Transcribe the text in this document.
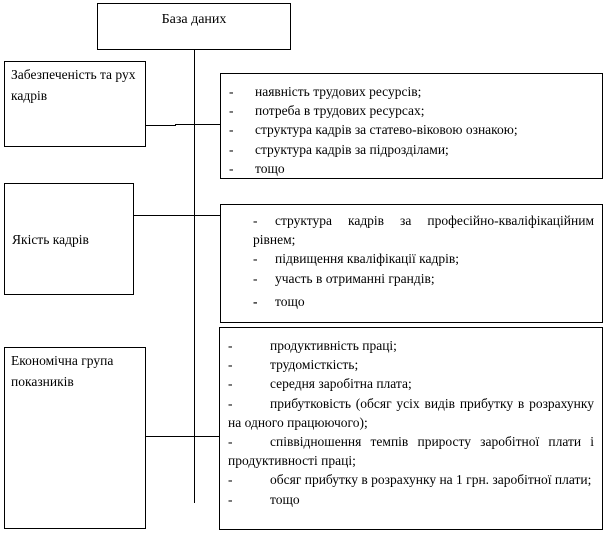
База даних
Забезпеченість та рух кадрів	-	наявність трудових ресурсів;
-	потреба в трудових ресурсах;
-	структура кадрів за статево-віковою ознакою;
-	структура кадрів за підрозділами;
-	тощо
Якість кадрів
-	структура кадрів за професійно-кваліфікаційним рівнем;
-	підвищення кваліфікації кадрів;
-	участь в отриманні грандів;
-	тощо
Економічна група показників
-	продуктивність праці;
-	трудомісткість;
-	середня заробітна плата;
-	прибутковість (обсяг усіх видів прибутку в розрахунку на одного працюючого);
-	співвідношення темпів приросту заробітної плати і продуктивності праці;
-	обсяг прибутку в розрахунку на 1 грн. заробітної плати;
-	тощо
